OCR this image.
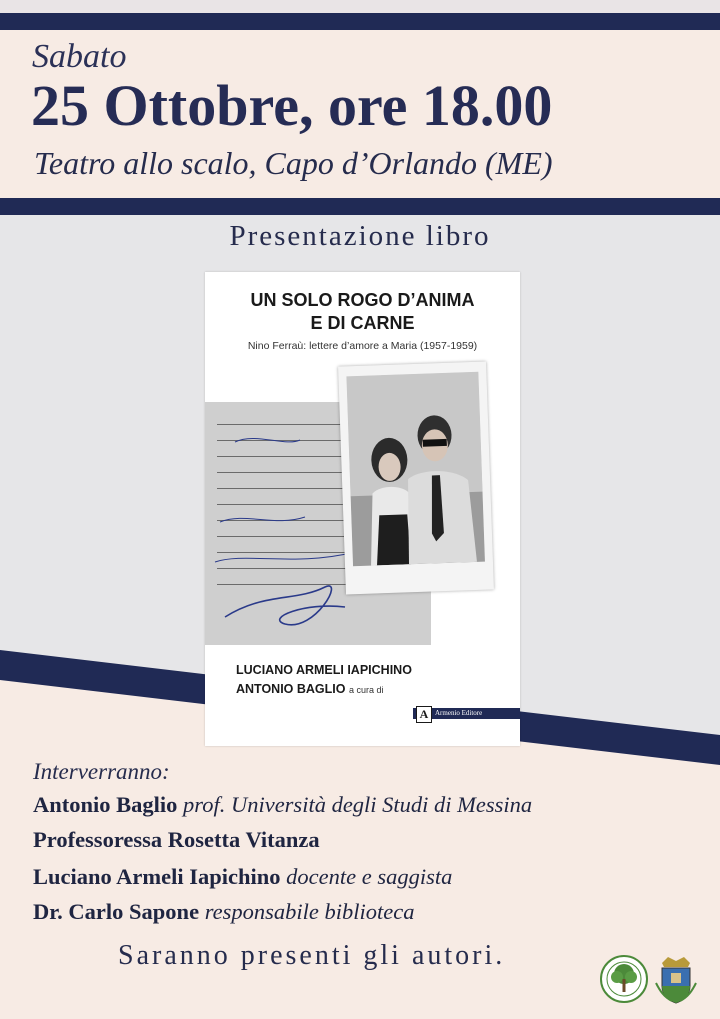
Sabato
25 Ottobre, ore 18.00
Teatro allo scalo, Capo d’Orlando (ME)
Presentazione libro
UN SOLO ROGO D’ANIMA
E DI CARNE
Nino Ferraù: lettere d’amore a Maria (1957-1959)
LUCIANO ARMELI IAPICHINO
ANTONIO BAGLIO a cura di
A Armenio Editore
Interverranno:
Antonio Baglio prof. Università degli Studi di Messina
Professoressa Rosetta Vitanza
Luciano Armeli Iapichino docente e saggista
Dr. Carlo Sapone responsabile biblioteca
Saranno presenti gli autori.
